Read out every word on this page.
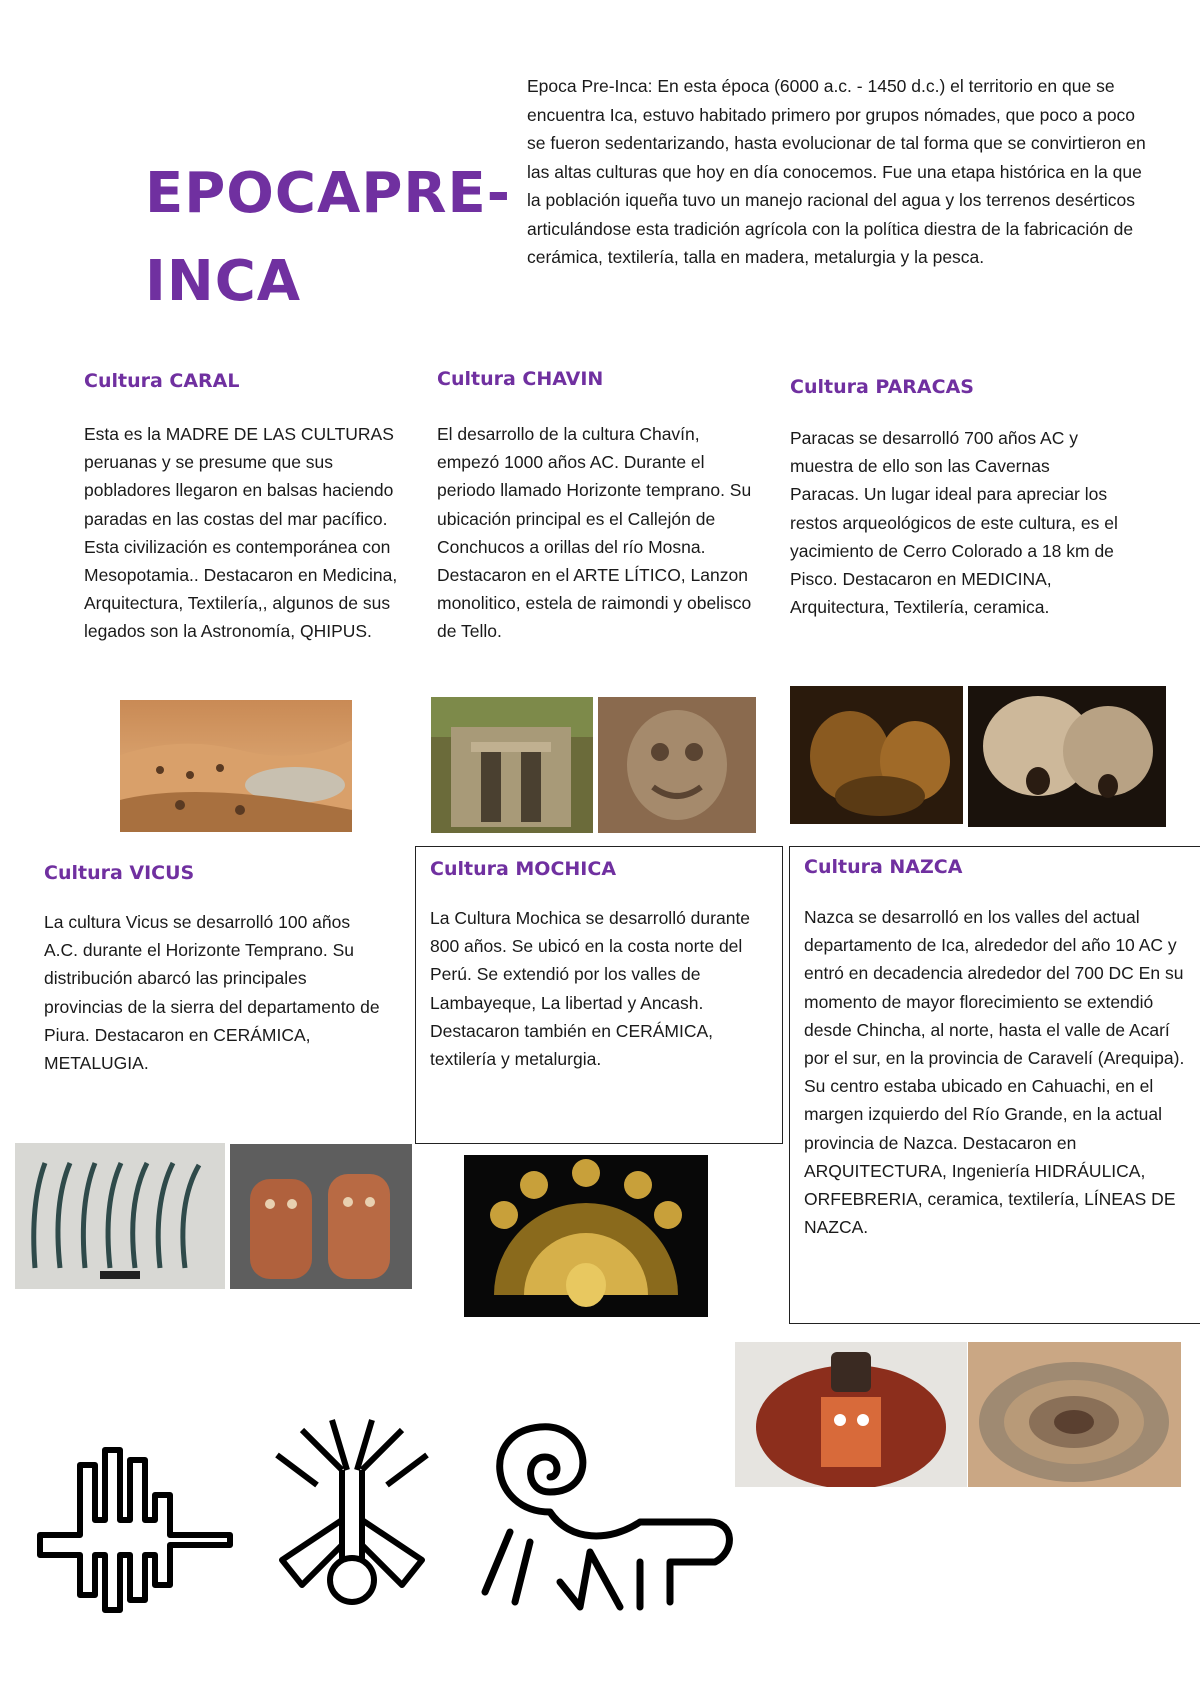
EPOCAPRE-INCA
Epoca Pre-Inca: En esta época (6000 a.c. - 1450 d.c.) el territorio en que se encuentra Ica, estuvo habitado primero por grupos nómades, que poco a poco se fueron sedentarizando, hasta evolucionar de tal forma que se convirtieron en las altas culturas que hoy en día conocemos. Fue una etapa histórica en la que la población iqueña tuvo un manejo racional del agua y los terrenos desérticos articulándose esta tradición agrícola con la política diestra de la fabricación de cerámica, textilería, talla en madera, metalurgia y la pesca.
Cultura CARAL
Esta es la MADRE DE LAS CULTURAS peruanas y se presume que sus pobladores llegaron en balsas haciendo paradas en las costas del mar pacífico. Esta civilización es contemporánea con Mesopotamia.. Destacaron en Medicina, Arquitectura, Textilería,, algunos de sus legados son la Astronomía, QHIPUS.
Cultura CHAVIN
El desarrollo de la cultura Chavín, empezó 1000 años AC. Durante el periodo llamado Horizonte temprano. Su ubicación principal es el Callejón de Conchucos a orillas del río Mosna. Destacaron en el ARTE LÍTICO, Lanzon monolitico, estela de raimondi y obelisco de Tello.
Cultura PARACAS
Paracas se desarrolló 700 años AC y muestra de ello son las Cavernas Paracas. Un lugar ideal para apreciar los restos arqueológicos de este cultura, es el yacimiento de Cerro Colorado a 18 km de Pisco. Destacaron en MEDICINA, Arquitectura, Textilería, ceramica.
Cultura VICUS
La cultura Vicus se desarrolló 100 años A.C. durante el Horizonte Temprano. Su distribución abarcó las principales provincias de la sierra del departamento de Piura. Destacaron en CERÁMICA, METALUGIA.
Cultura MOCHICA
La Cultura Mochica se desarrolló durante 800 años. Se ubicó en la costa norte del Perú. Se extendió por los valles de Lambayeque, La libertad y Ancash. Destacaron también en CERÁMICA, textilería y metalurgia.
Cultura NAZCA
Nazca se desarrolló en los valles del actual departamento de Ica, alrededor del año 10 AC y entró en decadencia alrededor del 700 DC En su momento de mayor florecimiento se extendió desde Chincha, al norte, hasta el valle de Acarí por el sur, en la provincia de Caravelí (Arequipa). Su centro estaba ubicado en Cahuachi, en el margen izquierdo del Río Grande, en la actual provincia de Nazca. Destacaron en ARQUITECTURA, Ingeniería HIDRÁULICA, ORFEBRERIA, ceramica, textilería, LÍNEAS DE NAZCA.
